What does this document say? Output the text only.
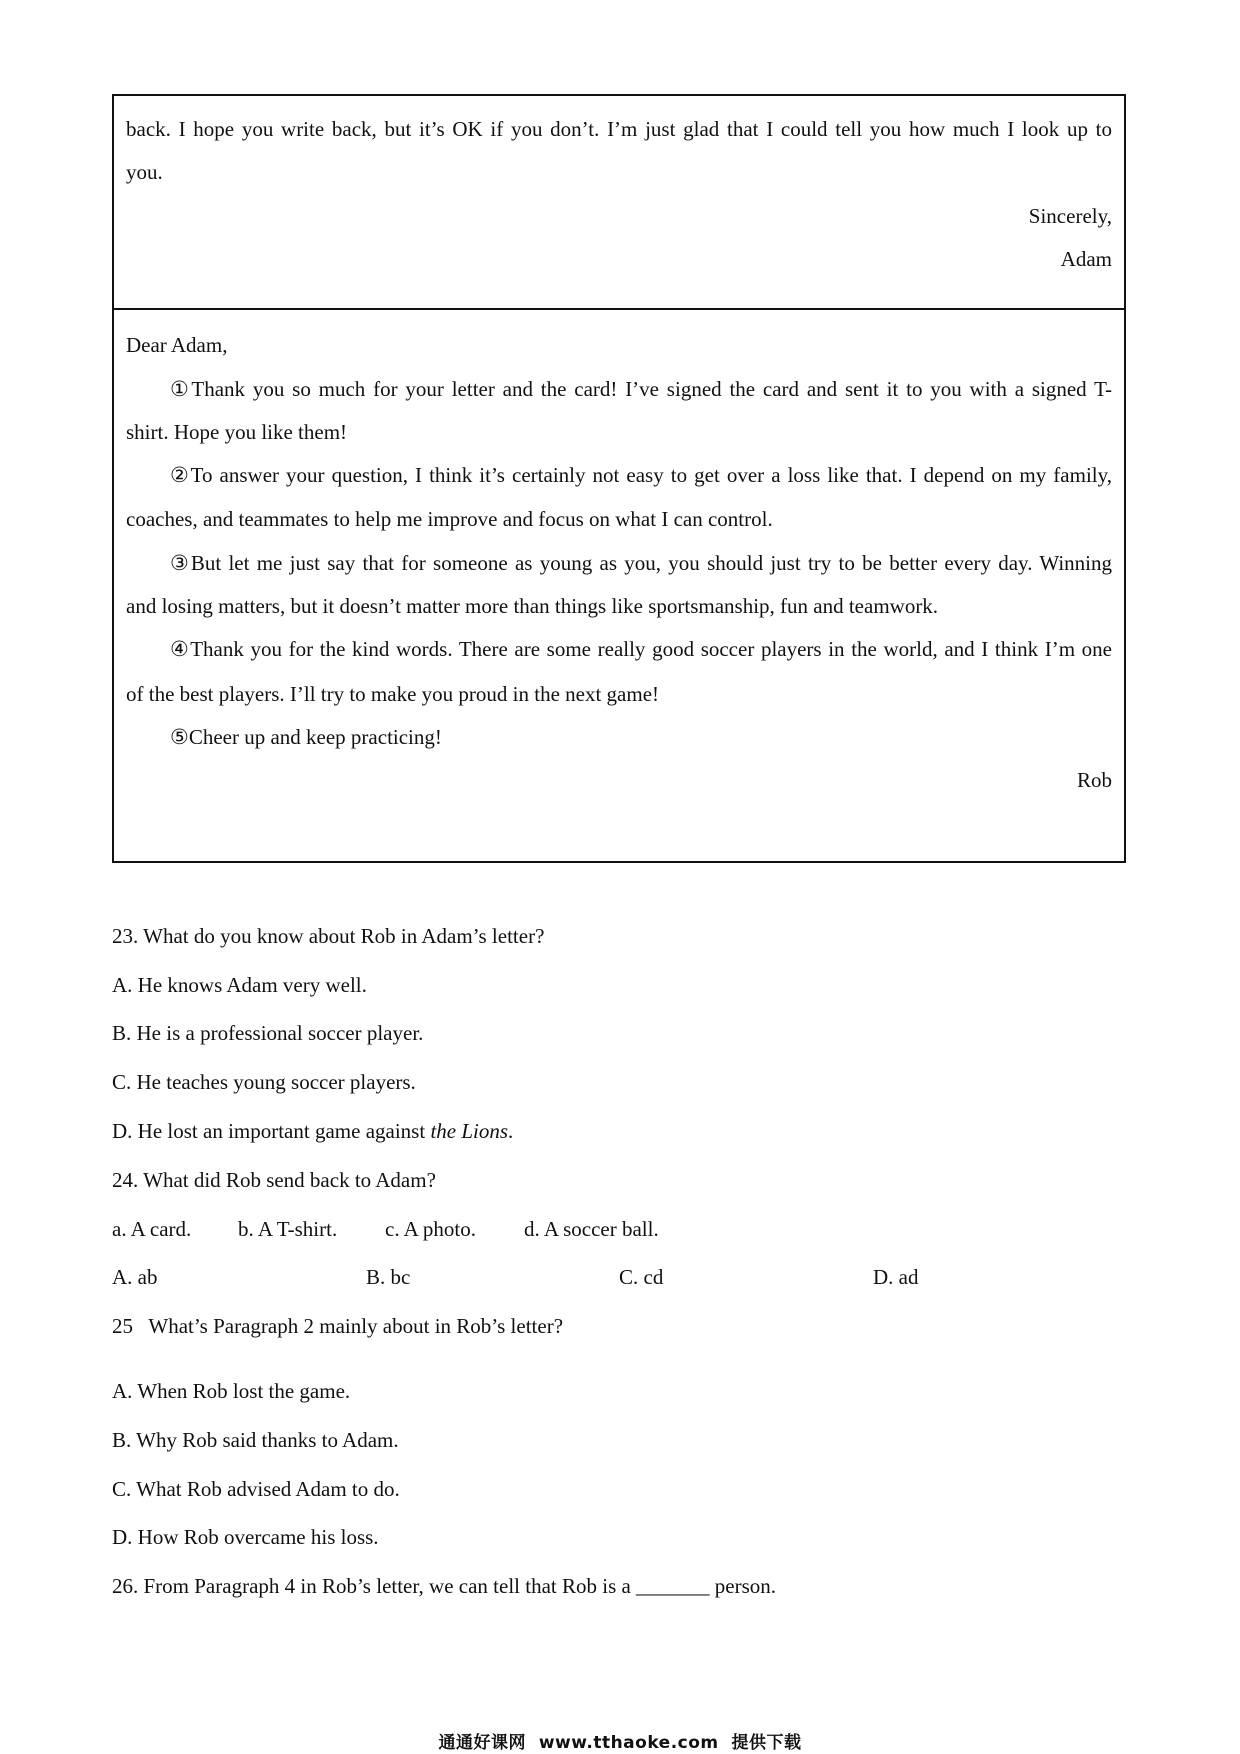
back. I hope you write back, but it’s OK if you don’t. I’m just glad that I could tell you how much I look up to
you.
Sincerely,
Adam
Dear Adam,
①Thank you so much for your letter and the card! I’ve signed the card and sent it to you with a signed T-
shirt. Hope you like them!
②To answer your question, I think it’s certainly not easy to get over a loss like that. I depend on my family,
coaches, and teammates to help me improve and focus on what I can control.
③But let me just say that for someone as young as you, you should just try to be better every day. Winning
and losing matters, but it doesn’t matter more than things like sportsmanship, fun and teamwork.
④Thank you for the kind words. There are some really good soccer players in the world, and I think I’m one
of the best players. I’ll try to make you proud in the next game!
⑤Cheer up and keep practicing!
Rob
23. What do you know about Rob in Adam’s letter?
A. He knows Adam very well.
B. He is a professional soccer player.
C. He teaches young soccer players.
D. He lost an important game against the Lions.
24. What did Rob send back to Adam?
a. A card. b. A T-shirt. c. A photo. d. A soccer ball.
A. ab	B. bc	C. cd	D. ad
25   What’s Paragraph 2 mainly about in Rob’s letter?
A. When Rob lost the game.
B. Why Rob said thanks to Adam.
C. What Rob advised Adam to do.
D. How Rob overcame his loss.
26. From Paragraph 4 in Rob’s letter, we can tell that Rob is a _______ person.
通通好课网  www.tthaoke.com  提供下载
